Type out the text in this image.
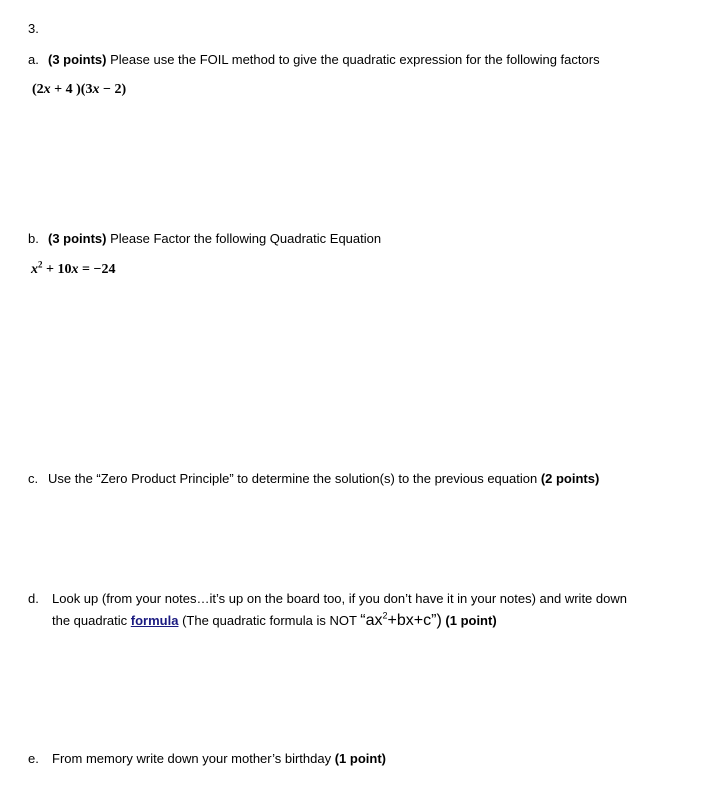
3.
a. (3 points) Please use the FOIL method to give the quadratic expression for the following factors
(2x + 4 )(3x − 2)
b. (3 points) Please Factor the following Quadratic Equation
$x^2 + 10x = -24$
c. Use the “Zero Product Principle” to determine the solution(s) to the previous equation (2 points)
d. Look up (from your notes…it’s up on the board too, if you don’t have it in your notes) and write down
the quadratic formula (The quadratic formula is NOT “$ax^2+bx+c$”) (1 point)
e. From memory write down your mother’s birthday (1 point)
